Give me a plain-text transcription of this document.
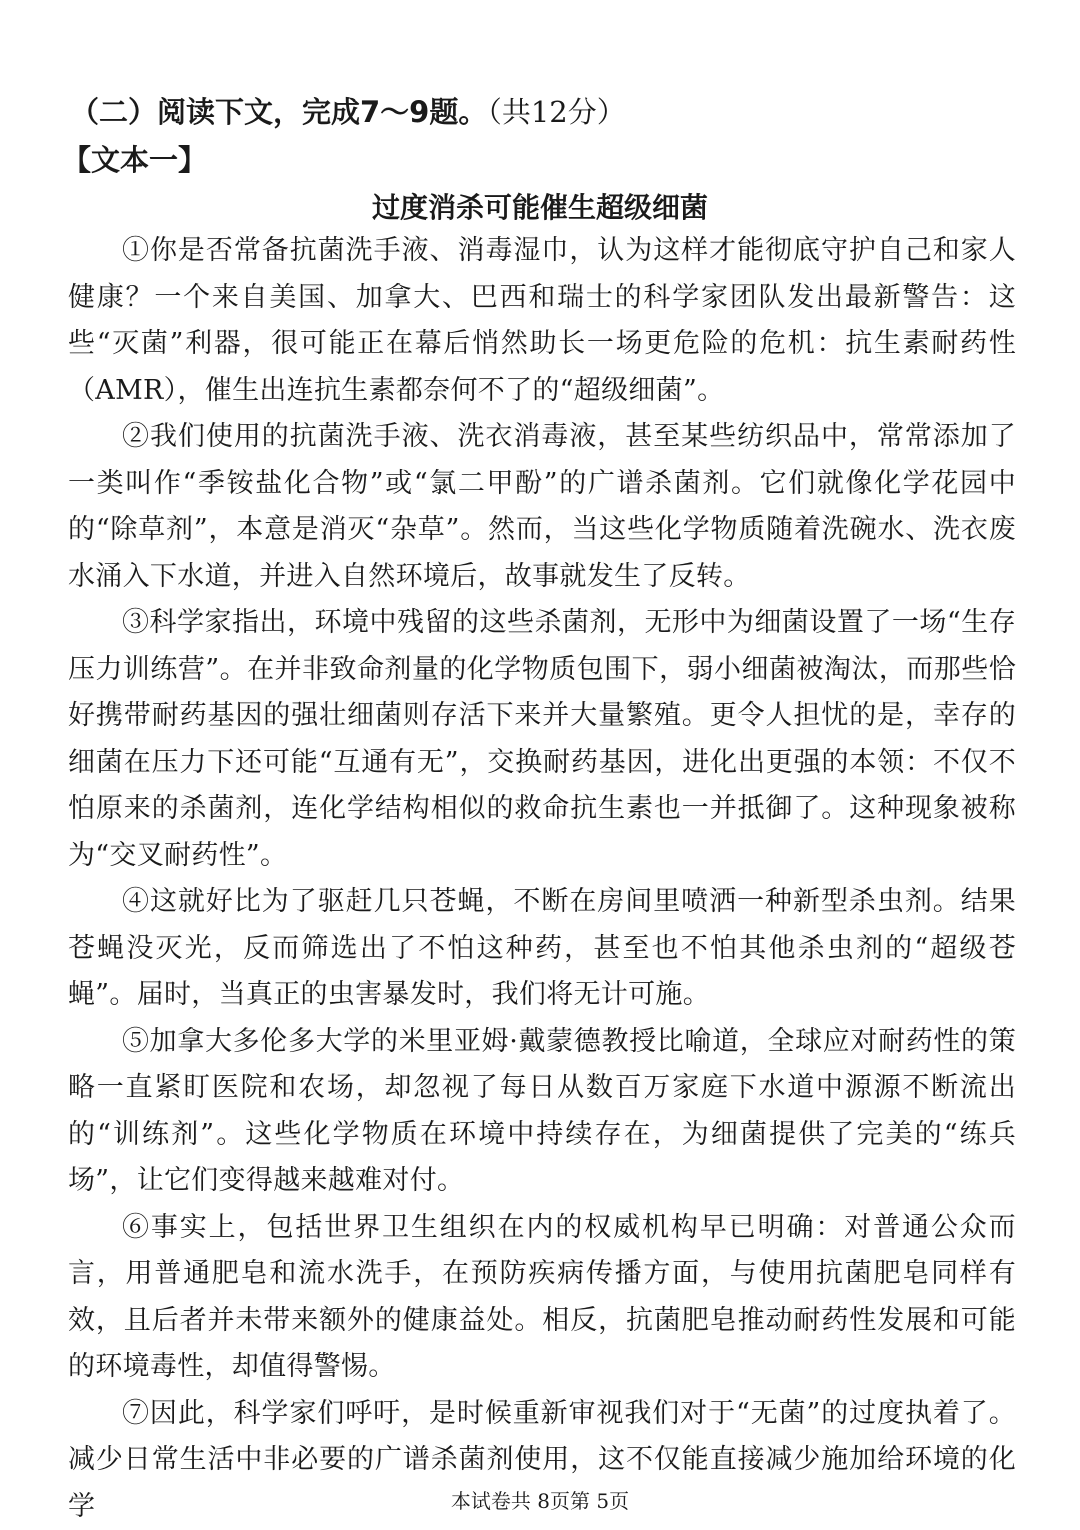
（二）阅读下文，完成7～9题。（共12分）
【文本一】
过度消杀可能催生超级细菌

①你是否常备抗菌洗手液、消毒湿巾，认为这样才能彻底守护自己和家人健康？一个来自美国、加拿大、巴西和瑞士的科学家团队发出最新警告：这些“灭菌”利器，很可能正在幕后悄然助长一场更危险的危机：抗生素耐药性（AMR），催生出连抗生素都奈何不了的“超级细菌”。

②我们使用的抗菌洗手液、洗衣消毒液，甚至某些纺织品中，常常添加了一类叫作“季铵盐化合物”或“氯二甲酚”的广谱杀菌剂。它们就像化学花园中的“除草剂”，本意是消灭“杂草”。然而，当这些化学物质随着洗碗水、洗衣废水涌入下水道，并进入自然环境后，故事就发生了反转。

③科学家指出，环境中残留的这些杀菌剂，无形中为细菌设置了一场“生存压力训练营”。在并非致命剂量的化学物质包围下，弱小细菌被淘汰，而那些恰好携带耐药基因的强壮细菌则存活下来并大量繁殖。更令人担忧的是，幸存的细菌在压力下还可能“互通有无”，交换耐药基因，进化出更强的本领：不仅不怕原来的杀菌剂，连化学结构相似的救命抗生素也一并抵御了。这种现象被称为“交叉耐药性”。

④这就好比为了驱赶几只苍蝇，不断在房间里喷洒一种新型杀虫剂。结果苍蝇没灭光，反而筛选出了不怕这种药，甚至也不怕其他杀虫剂的“超级苍蝇”。届时，当真正的虫害暴发时，我们将无计可施。

⑤加拿大多伦多大学的米里亚姆·戴蒙德教授比喻道，全球应对耐药性的策略一直紧盯医院和农场，却忽视了每日从数百万家庭下水道中源源不断流出的“训练剂”。这些化学物质在环境中持续存在，为细菌提供了完美的“练兵场”，让它们变得越来越难对付。

⑥事实上，包括世界卫生组织在内的权威机构早已明确：对普通公众而言，用普通肥皂和流水洗手，在预防疾病传播方面，与使用抗菌肥皂同样有效，且后者并未带来额外的健康益处。相反，抗菌肥皂推动耐药性发展和可能的环境毒性，却值得警惕。

⑦因此，科学家们呼吁，是时候重新审视我们对于“无菌”的过度执着了。减少日常生活中非必要的广谱杀菌剂使用，这不仅能直接减少施加给环境的化学	本试卷共 8页第 5页
